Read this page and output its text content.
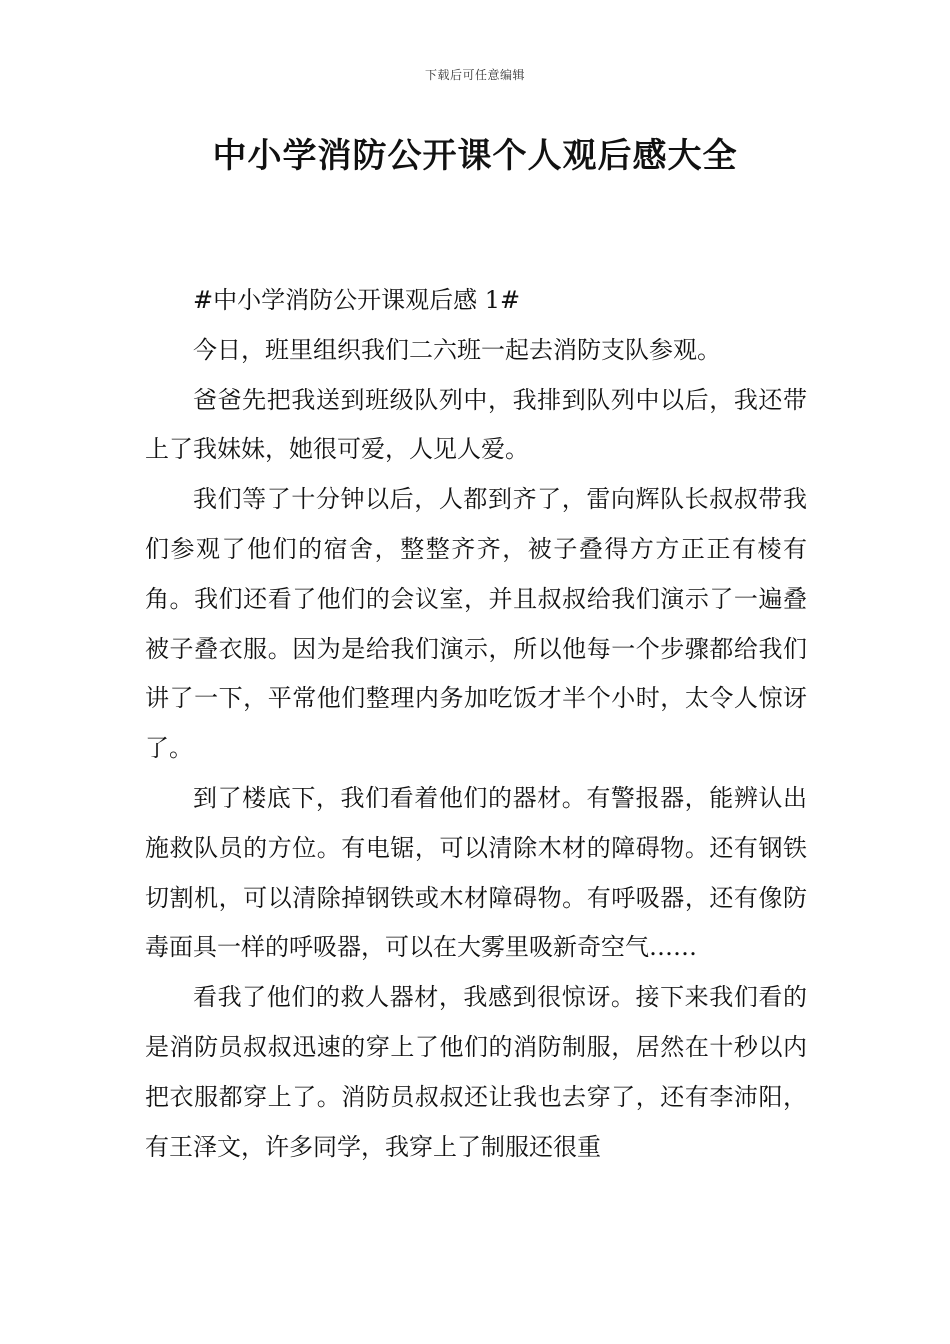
下载后可任意编辑
中小学消防公开课个人观后感大全

#中小学消防公开课观后感 1#

今日，班里组织我们二六班一起去消防支队参观。

爸爸先把我送到班级队列中，我排到队列中以后，我还带上了我妹妹，她很可爱，人见人爱。

我们等了十分钟以后，人都到齐了，雷向辉队长叔叔带我们参观了他们的宿舍，整整齐齐，被子叠得方方正正有棱有角。我们还看了他们的会议室，并且叔叔给我们演示了一遍叠被子叠衣服。因为是给我们演示，所以他每一个步骤都给我们讲了一下，平常他们整理内务加吃饭才半个小时，太令人惊讶了。

到了楼底下，我们看着他们的器材。有警报器，能辨认出施救队员的方位。有电锯，可以清除木材的障碍物。还有钢铁切割机，可以清除掉钢铁或木材障碍物。有呼吸器，还有像防毒面具一样的呼吸器，可以在大雾里吸新奇空气……

看我了他们的救人器材，我感到很惊讶。接下来我们看的是消防员叔叔迅速的穿上了他们的消防制服，居然在十秒以内把衣服都穿上了。消防员叔叔还让我也去穿了，还有李沛阳，有王泽文，许多同学，我穿上了制服还很重
